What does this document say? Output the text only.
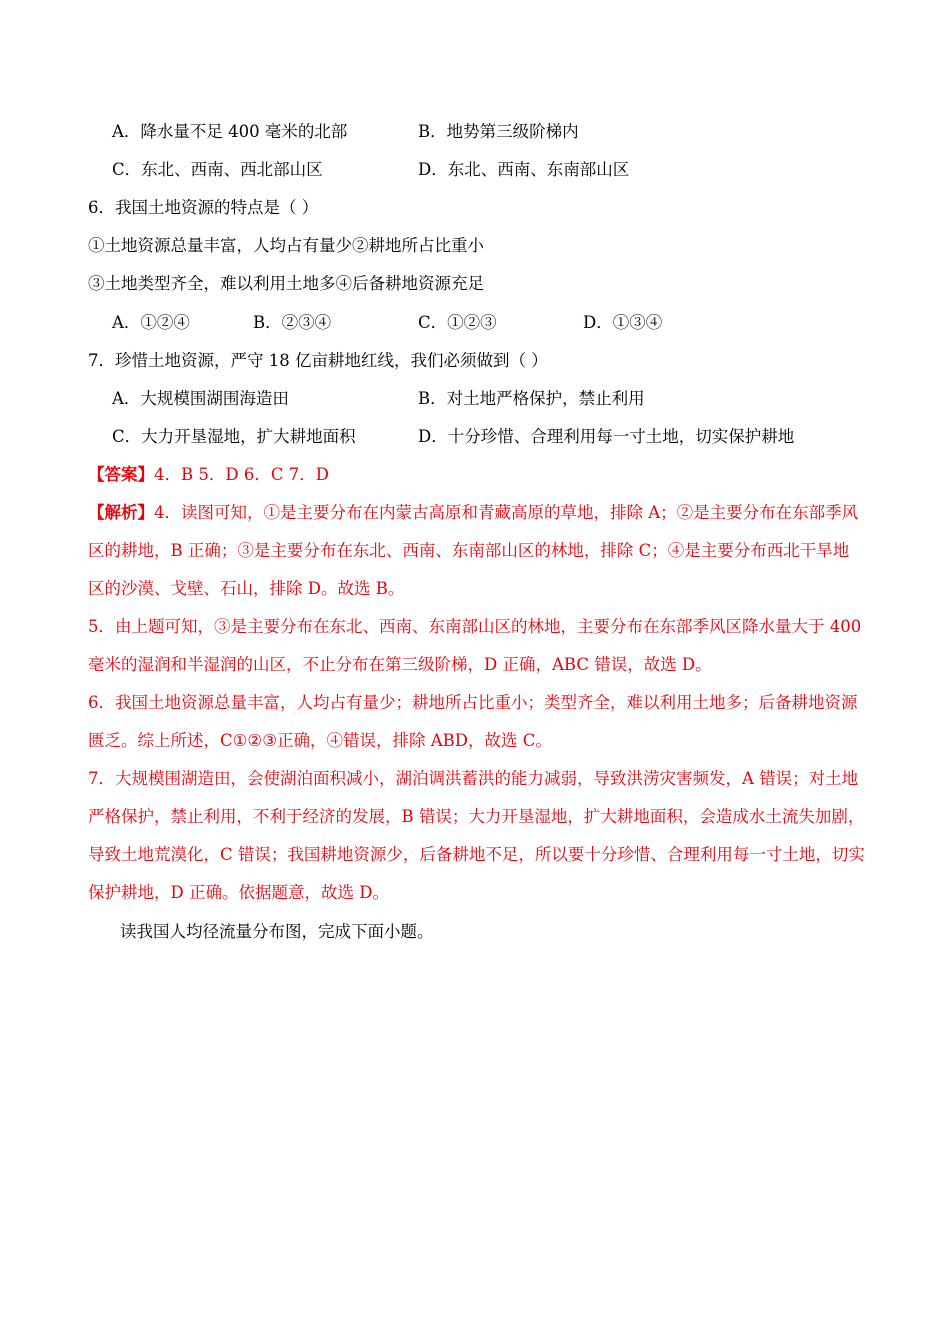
A．降水量不足 400 毫米的北部	B．地势第三级阶梯内
C．东北、西南、西北部山区	D．东北、西南、东南部山区
6．我国土地资源的特点是（ ）
①土地资源总量丰富，人均占有量少②耕地所占比重小
③土地类型齐全，难以利用土地多④后备耕地资源充足
A．①②④	B．②③④	C．①②③	D．①③④
7．珍惜土地资源，严守 18 亿亩耕地红线，我们必须做到（ ）
A．大规模围湖围海造田	B．对土地严格保护，禁止利用
C．大力开垦湿地，扩大耕地面积	D．十分珍惜、合理利用每一寸土地，切实保护耕地
【答案】4．B 5．D 6．C 7．D
【解析】4．读图可知，①是主要分布在内蒙古高原和青藏高原的草地，排除 A；②是主要分布在东部季风
区的耕地，B 正确；③是主要分布在东北、西南、东南部山区的林地，排除 C；④是主要分布西北干旱地
区的沙漠、戈壁、石山，排除 D。故选 B。
5．由上题可知，③是主要分布在东北、西南、东南部山区的林地，主要分布在东部季风区降水量大于 400
毫米的湿润和半湿润的山区，不止分布在第三级阶梯，D 正确，ABC 错误，故选 D。
6．我国土地资源总量丰富，人均占有量少；耕地所占比重小；类型齐全，难以利用土地多；后备耕地资源
匮乏。综上所述，C①②③正确，④错误，排除 ABD，故选 C。
7．大规模围湖造田，会使湖泊面积减小，湖泊调洪蓄洪的能力减弱，导致洪涝灾害频发，A 错误；对土地
严格保护，禁止利用，不利于经济的发展，B 错误；大力开垦湿地，扩大耕地面积，会造成水土流失加剧，
导致土地荒漠化，C 错误；我国耕地资源少，后备耕地不足，所以要十分珍惜、合理利用每一寸土地，切实
保护耕地，D 正确。依据题意，故选 D。
读我国人均径流量分布图，完成下面小题。
